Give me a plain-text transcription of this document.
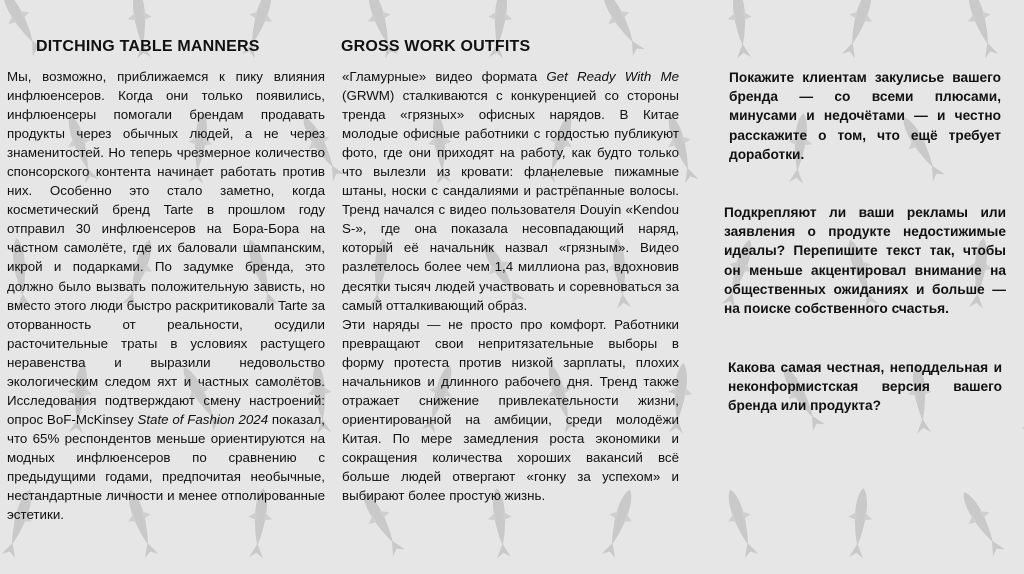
DITCHING TABLE MANNERS	GROSS WORK OUTFITS
Мы, возможно, приближаемся к пику влияния инфлюенсеров. Когда они только появились, инфлюенсеры помогали брендам продавать продукты через обычных людей, а не через знаменитостей. Но теперь чрезмерное количество спонсорского контента начинает работать против них. Особенно это стало заметно, когда косметический бренд Tarte в прошлом году отправил 30 инфлюенсеров на Бора-Бора на частном самолёте, где их баловали шампанским, икрой и подарками. По задумке бренда, это должно было вызвать положительную зависть, но вместо этого люди быстро раскритиковали Tarte за оторванность от реальности, осудили расточительные траты в условиях растущего неравенства и выразили недовольство экологическим следом яхт и частных самолётов. Исследования подтверждают смену настроений: опрос BoF-McKinsey State of Fashion 2024 показал, что 65% респондентов меньше ориентируются на модных инфлюенсеров по сравнению с предыдущими годами, предпочитая необычные, нестандартные личности и менее отполированные эстетики.

«Гламурные» видео формата Get Ready With Me (GRWM) сталкиваются с конкуренцией со стороны тренда «грязных» офисных нарядов. В Китае молодые офисные работники с гордостью публикуют фото, где они приходят на работу, как будто только что вылезли из кровати: фланелевые пижамные штаны, носки с сандалиями и растрёпанные волосы. Тренд начался с видео пользователя Douyin «Kendou S-», где она показала несовпадающий наряд, который её начальник назвал «грязным». Видео разлетелось более чем 1,4 миллиона раз, вдохновив десятки тысяч людей участвовать и соревноваться за самый отталкивающий образ.

Эти наряды — не просто про комфорт. Работники превращают свои непритязательные выборы в форму протеста против низкой зарплаты, плохих начальников и длинного рабочего дня. Тренд также отражает снижение привлекательности жизни, ориентированной на амбиции, среди молодёжи Китая. По мере замедления роста экономики и сокращения количества хороших вакансий всё больше людей отвергают «гонку за успехом» и выбирают более простую жизнь.

Покажите клиентам закулисье вашего бренда — со всеми плюсами, минусами и недочётами — и честно расскажите о том, что ещё требует доработки.

Подкрепляют ли ваши рекламы или заявления о продукте недостижимые идеалы? Перепишите текст так, чтобы он меньше акцентировал внимание на общественных ожиданиях и больше — на поиске собственного счастья.

Какова самая честная, неподдельная и неконформистская версия вашего бренда или продукта?
